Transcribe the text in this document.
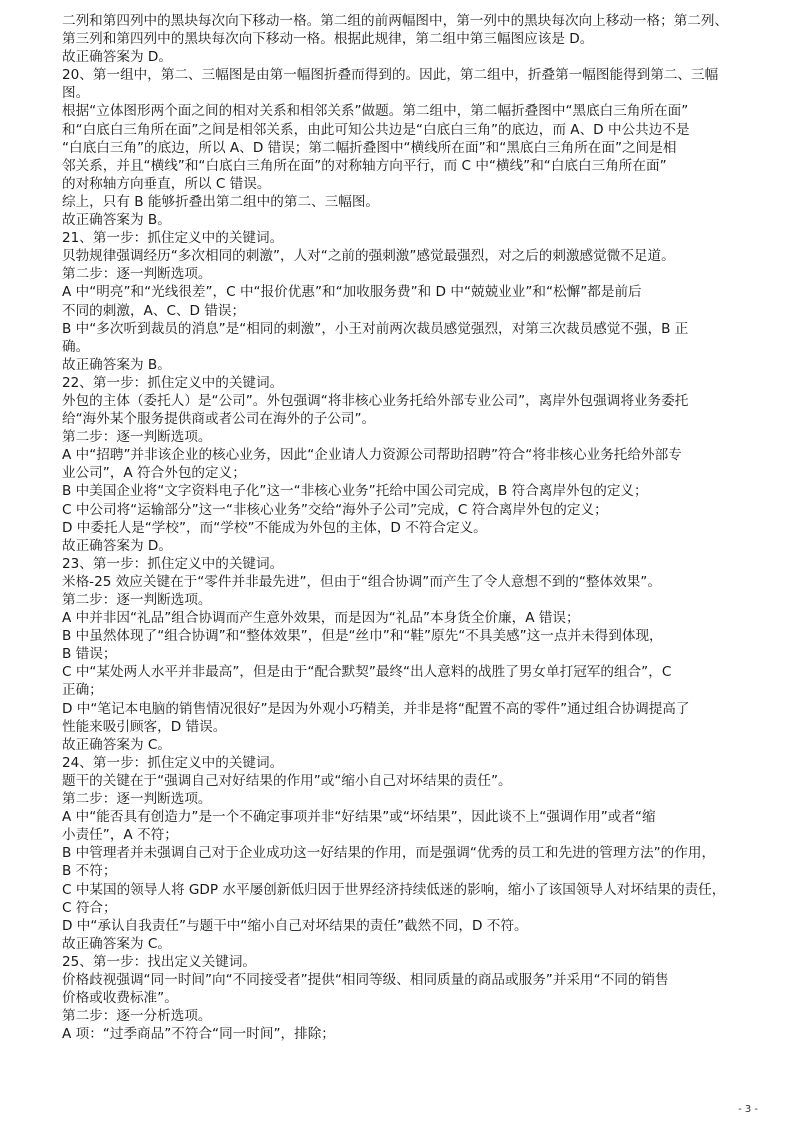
二列和第四列中的黑块每次向下移动一格。第二组的前两幅图中，第一列中的黑块每次向上移动一格；第二列、
第三列和第四列中的黑块每次向下移动一格。根据此规律，第二组中第三幅图应该是 D。
故正确答案为 D。
20、第一组中，第二、三幅图是由第一幅图折叠而得到的。因此，第二组中，折叠第一幅图能得到第二、三幅
图。
根据“立体图形两个面之间的相对关系和相邻关系”做题。第二组中，第二幅折叠图中“黑底白三角所在面”
和“白底白三角所在面”之间是相邻关系，由此可知公共边是“白底白三角”的底边，而 A、D 中公共边不是
“白底白三角”的底边，所以 A、D 错误；第二幅折叠图中“横线所在面”和“黑底白三角所在面”之间是相
邻关系，并且“横线”和“白底白三角所在面”的对称轴方向平行，而 C 中“横线”和“白底白三角所在面”
的对称轴方向垂直，所以 C 错误。
综上，只有 B 能够折叠出第二组中的第二、三幅图。
故正确答案为 B。
21、第一步：抓住定义中的关键词。
贝勃规律强调经历“多次相同的刺激”，人对“之前的强刺激”感觉最强烈，对之后的刺激感觉微不足道。
第二步：逐一判断选项。
A 中“明亮”和“光线很差”，C 中“报价优惠”和“加收服务费”和 D 中“兢兢业业”和“松懈”都是前后
不同的刺激，A、C、D 错误；
B 中“多次听到裁员的消息”是“相同的刺激”，小王对前两次裁员感觉强烈，对第三次裁员感觉不强，B 正
确。
故正确答案为 B。
22、第一步：抓住定义中的关键词。
外包的主体（委托人）是“公司”。外包强调“将非核心业务托给外部专业公司”，离岸外包强调将业务委托
给“海外某个服务提供商或者公司在海外的子公司”。
第二步：逐一判断选项。
A 中“招聘”并非该企业的核心业务，因此“企业请人力资源公司帮助招聘”符合“将非核心业务托给外部专
业公司”，A 符合外包的定义；
B 中美国企业将“文字资料电子化”这一“非核心业务”托给中国公司完成，B 符合离岸外包的定义；
C 中公司将“运输部分”这一“非核心业务”交给“海外子公司”完成，C 符合离岸外包的定义；
D 中委托人是“学校”，而“学校”不能成为外包的主体，D 不符合定义。
故正确答案为 D。
23、第一步：抓住定义中的关键词。
米格-25 效应关键在于“零件并非最先进”，但由于“组合协调”而产生了令人意想不到的“整体效果”。
第二步：逐一判断选项。
A 中并非因“礼品”组合协调而产生意外效果，而是因为“礼品”本身货全价廉，A 错误；
B 中虽然体现了“组合协调”和“整体效果”，但是“丝巾”和“鞋”原先“不具美感”这一点并未得到体现，
B 错误；
C 中“某处两人水平并非最高”，但是由于“配合默契”最终“出人意料的战胜了男女单打冠军的组合”，C
正确；
D 中“笔记本电脑的销售情况很好”是因为外观小巧精美，并非是将“配置不高的零件”通过组合协调提高了
性能来吸引顾客，D 错误。
故正确答案为 C。
24、第一步：抓住定义中的关键词。
题干的关键在于“强调自己对好结果的作用”或“缩小自己对坏结果的责任”。
第二步：逐一判断选项。
A 中“能否具有创造力”是一个不确定事项并非“好结果”或“坏结果”，因此谈不上“强调作用”或者“缩
小责任”，A 不符；
B 中管理者并未强调自己对于企业成功这一好结果的作用，而是强调“优秀的员工和先进的管理方法”的作用，
B 不符；
C 中某国的领导人将 GDP 水平屡创新低归因于世界经济持续低迷的影响，缩小了该国领导人对坏结果的责任，
C 符合；
D 中“承认自我责任”与题干中“缩小自己对坏结果的责任”截然不同，D 不符。
故正确答案为 C。
25、第一步：找出定义关键词。
价格歧视强调“同一时间”向“不同接受者”提供“相同等级、相同质量的商品或服务”并采用“不同的销售
价格或收费标准”。
第二步：逐一分析选项。
A 项：“过季商品”不符合“同一时间”，排除；
- 3 -
